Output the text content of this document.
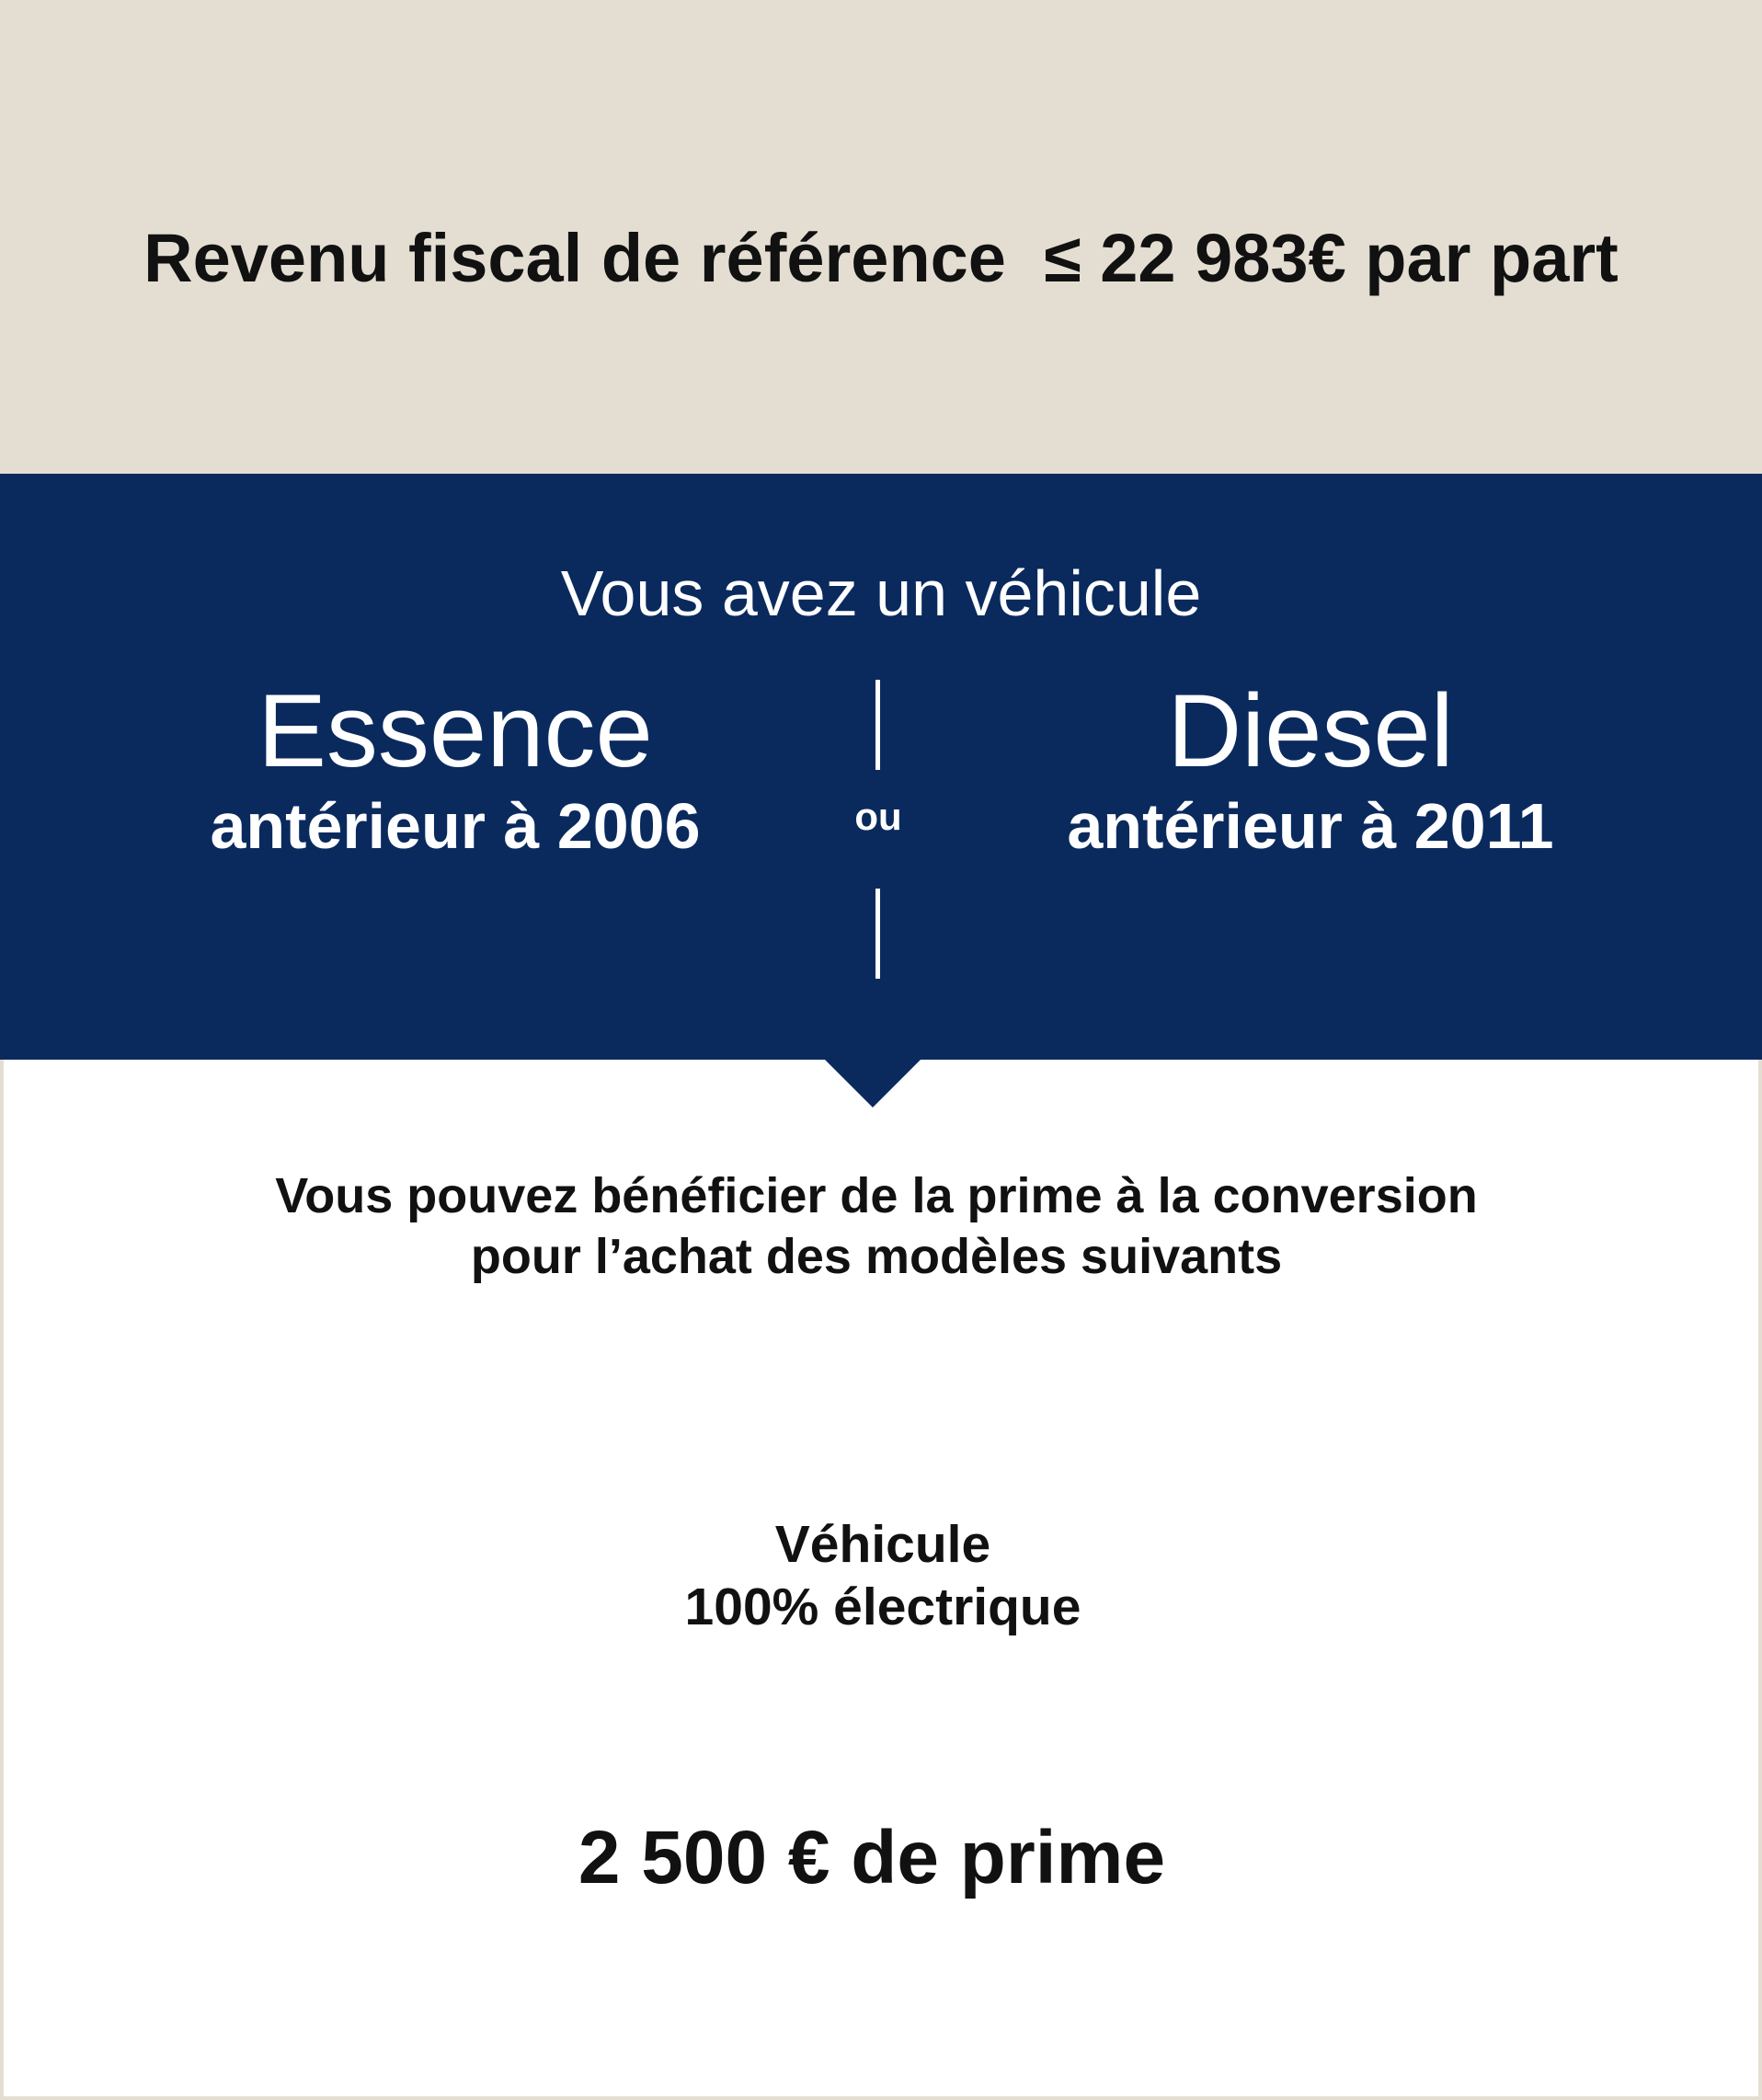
Revenu fiscal de référence  ≤ 22 983€ par part
Vous avez un véhicule
Essence
antérieur à 2006	ou
Diesel
antérieur à 2011
Vous pouvez bénéficier de la prime à la conversion
pour l’achat des modèles suivants
Véhicule
100% électrique
2 500 € de prime
